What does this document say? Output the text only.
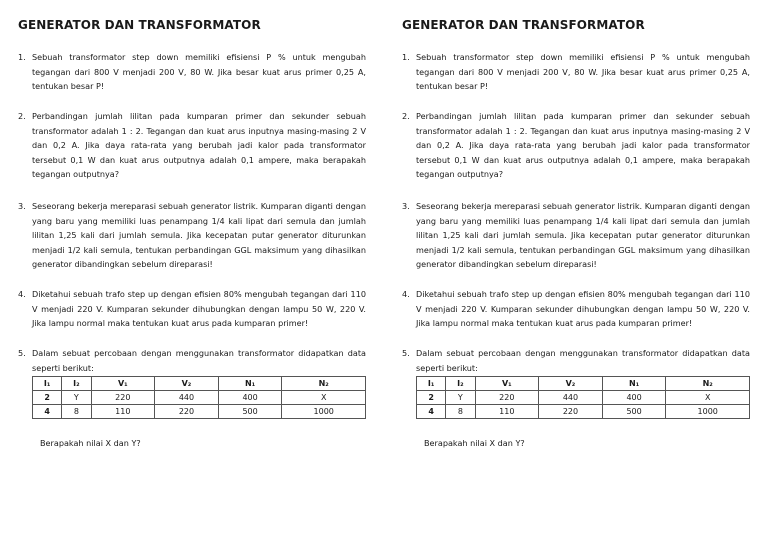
GENERATOR DAN TRANSFORMATOR
1. Sebuah transformator step down memiliki efisiensi P % untuk mengubah tegangan dari 800 V menjadi 200 V, 80 W. Jika besar kuat arus primer 0,25 A, tentukan besar P!
2. Perbandingan jumlah lilitan pada kumparan primer dan sekunder sebuah transformator adalah 1 : 2. Tegangan dan kuat arus inputnya masing-masing 2 V dan 0,2 A. Jika daya rata-rata yang berubah jadi kalor pada transformator tersebut 0,1 W dan kuat arus outputnya adalah 0,1 ampere, maka berapakah tegangan outputnya?
3. Seseorang bekerja mereparasi sebuah generator listrik. Kumparan diganti dengan yang baru yang memiliki luas penampang 1/4 kali lipat dari semula dan jumlah lilitan 1,25 kali dari jumlah semula. Jika kecepatan putar generator diturunkan menjadi 1/2 kali semula, tentukan perbandingan GGL maksimum yang dihasilkan generator dibandingkan sebelum direparasi!
4. Diketahui sebuah trafo step up dengan efisien 80% mengubah tegangan dari 110 V menjadi 220 V. Kumparan sekunder dihubungkan dengan lampu 50 W, 220 V. Jika lampu normal maka tentukan kuat arus pada kumparan primer!
5. Dalam sebuat percobaan dengan menggunakan transformator didapatkan data seperti berikut:
I₁	I₂	V₁	V₂	N₁	N₂
2	Y	220	440	400	X
4	8	110	220	500	1000
Berapakah nilai X dan Y?
GENERATOR DAN TRANSFORMATOR
1. Sebuah transformator step down memiliki efisiensi P % untuk mengubah tegangan dari 800 V menjadi 200 V, 80 W. Jika besar kuat arus primer 0,25 A, tentukan besar P!
2. Perbandingan jumlah lilitan pada kumparan primer dan sekunder sebuah transformator adalah 1 : 2. Tegangan dan kuat arus inputnya masing-masing 2 V dan 0,2 A. Jika daya rata-rata yang berubah jadi kalor pada transformator tersebut 0,1 W dan kuat arus outputnya adalah 0,1 ampere, maka berapakah tegangan outputnya?
3. Seseorang bekerja mereparasi sebuah generator listrik. Kumparan diganti dengan yang baru yang memiliki luas penampang 1/4 kali lipat dari semula dan jumlah lilitan 1,25 kali dari jumlah semula. Jika kecepatan putar generator diturunkan menjadi 1/2 kali semula, tentukan perbandingan GGL maksimum yang dihasilkan generator dibandingkan sebelum direparasi!
4. Diketahui sebuah trafo step up dengan efisien 80% mengubah tegangan dari 110 V menjadi 220 V. Kumparan sekunder dihubungkan dengan lampu 50 W, 220 V. Jika lampu normal maka tentukan kuat arus pada kumparan primer!
5. Dalam sebuat percobaan dengan menggunakan transformator didapatkan data seperti berikut:
I₁	I₂	V₁	V₂	N₁	N₂
2	Y	220	440	400	X
4	8	110	220	500	1000
Berapakah nilai X dan Y?
